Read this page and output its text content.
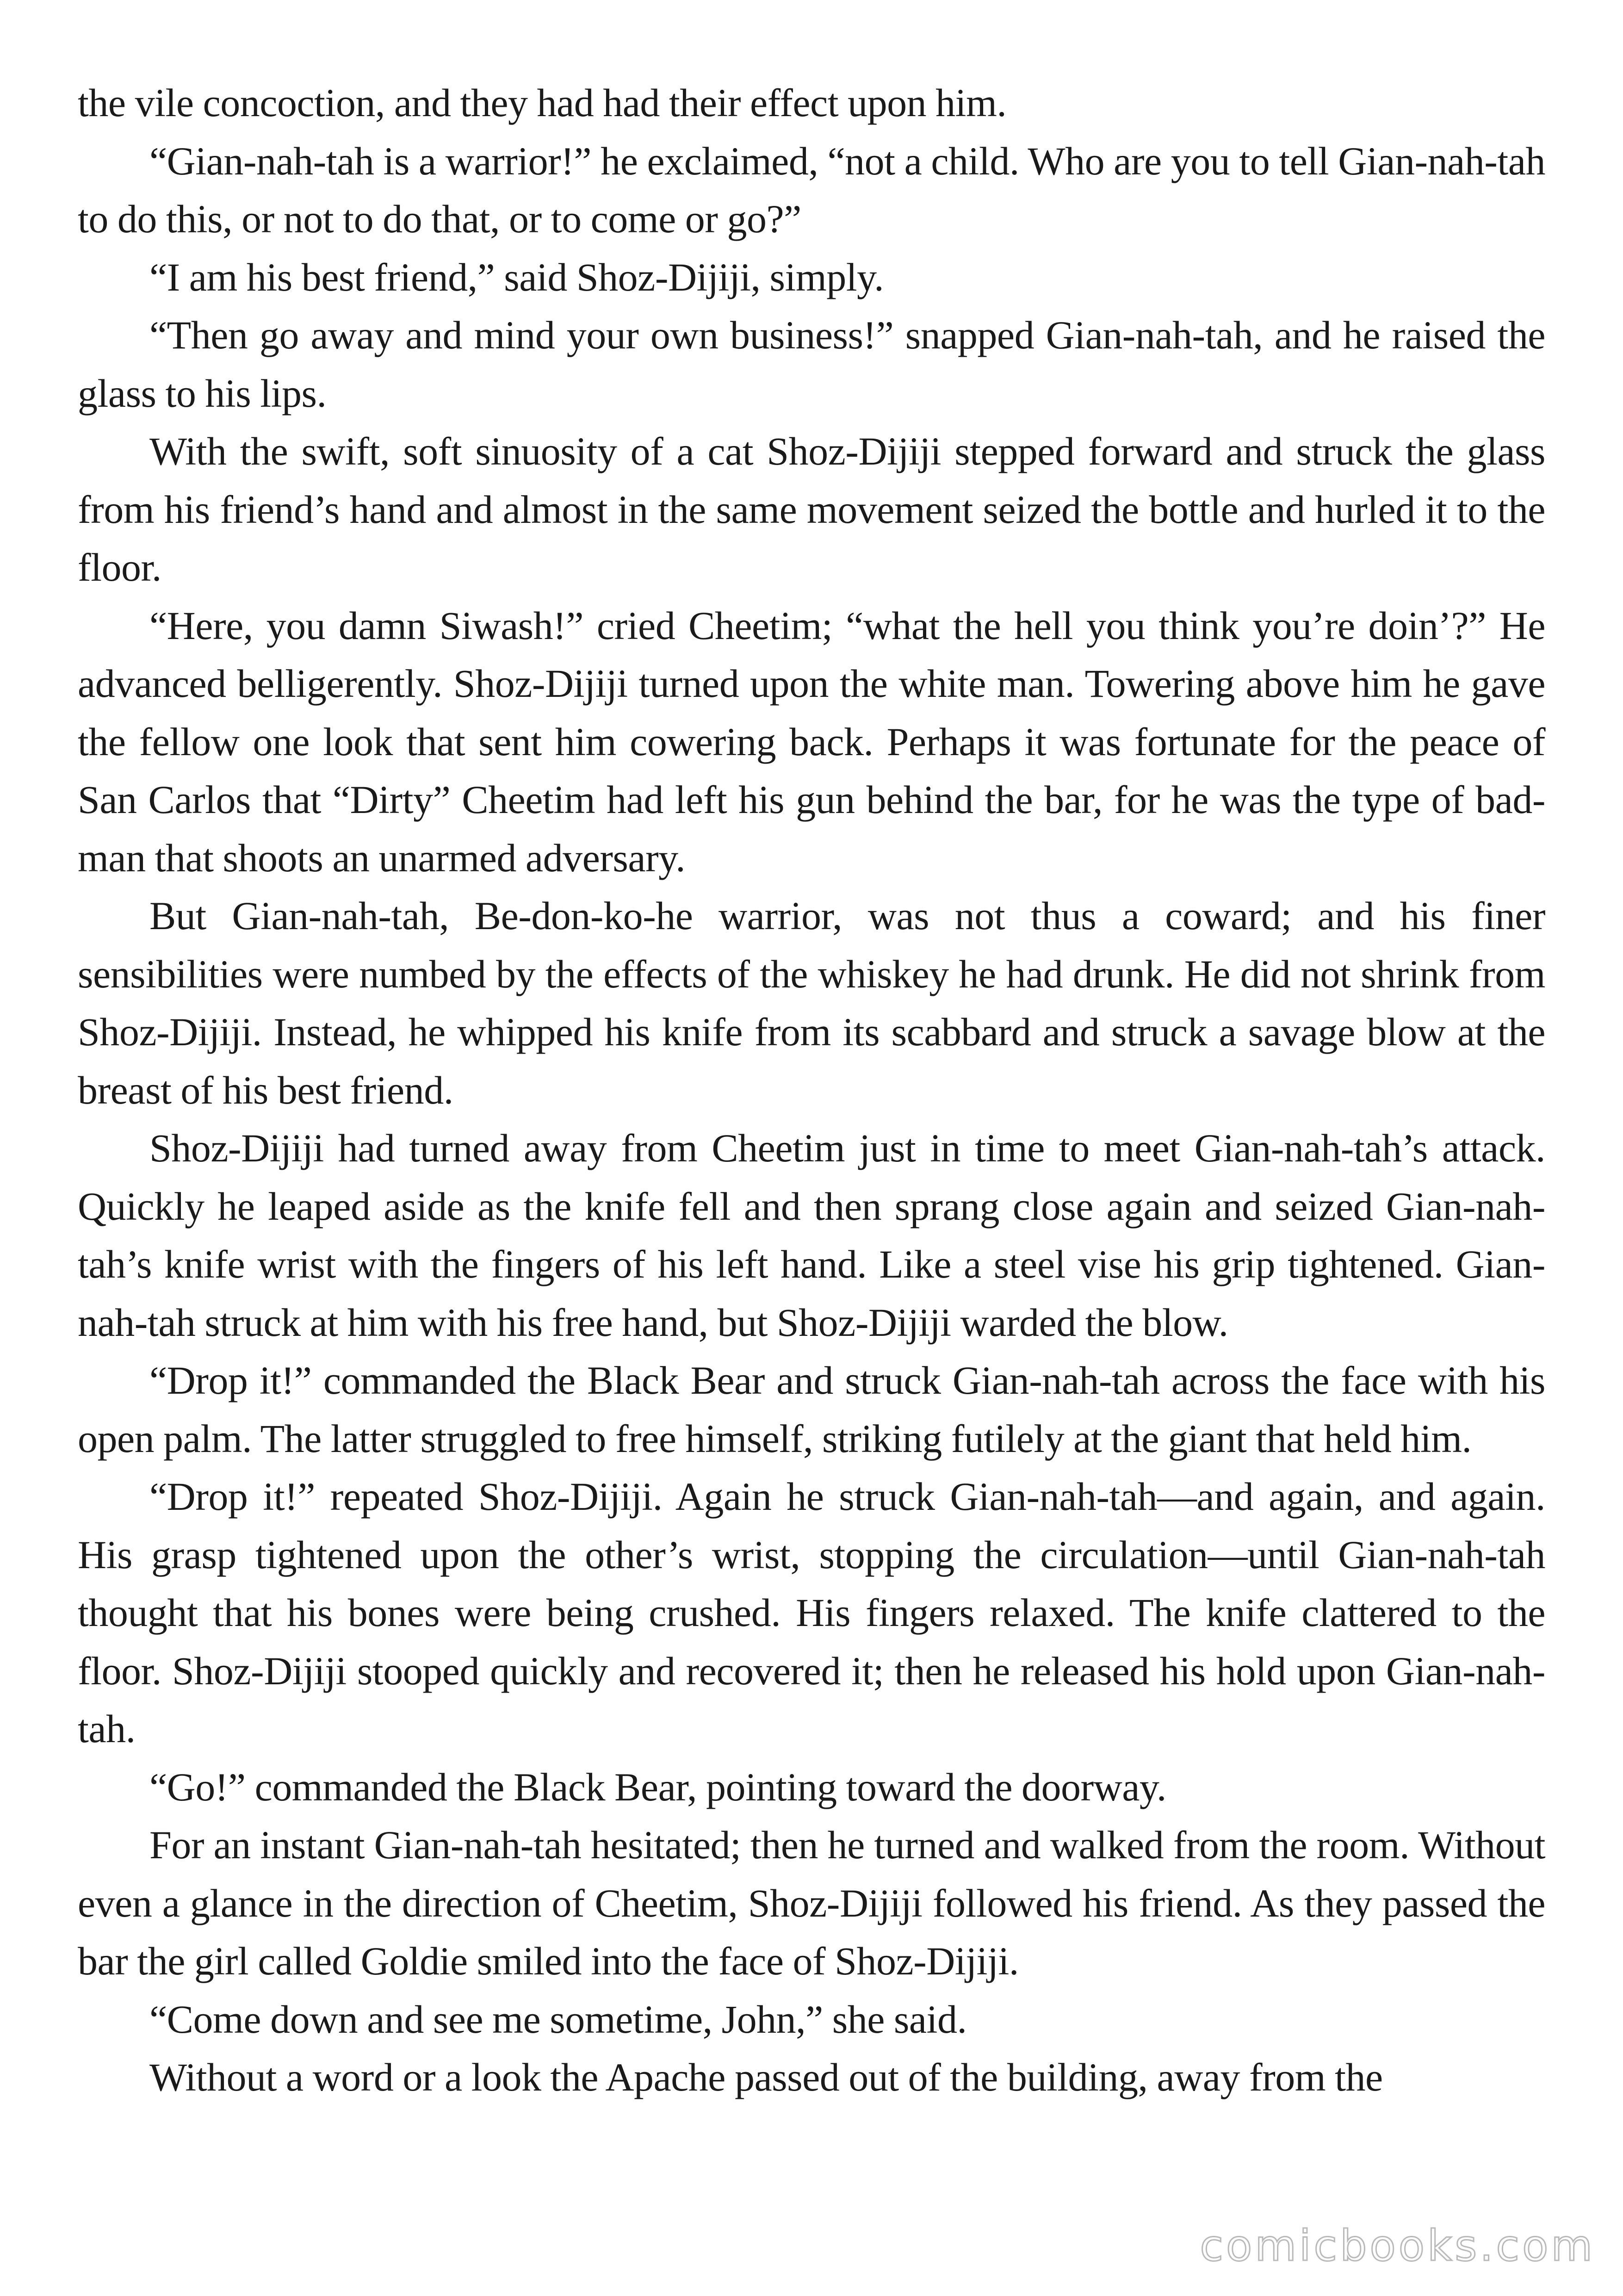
the vile concoction, and they had had their effect upon him.

“Gian-nah-tah is a warrior!” he exclaimed, “not a child. Who are you to tell Gian-nah-tah to do this, or not to do that, or to come or go?”

“I am his best friend,” said Shoz-Dijiji, simply.

“Then go away and mind your own business!” snapped Gian-nah-tah, and he raised the glass to his lips.

With the swift, soft sinuosity of a cat Shoz-Dijiji stepped forward and struck the glass from his friend’s hand and almost in the same movement seized the bottle and hurled it to the floor.

“Here, you damn Siwash!” cried Cheetim; “what the hell you think you’re doin’?” He advanced belligerently. Shoz-Dijiji turned upon the white man. Towering above him he gave the fellow one look that sent him cowering back. Perhaps it was fortunate for the peace of San Carlos that “Dirty” Cheetim had left his gun behind the bar, for he was the type of bad-man that shoots an unarmed adversary.

But Gian-nah-tah, Be-don-ko-he warrior, was not thus a coward; and his finer sensibilities were numbed by the effects of the whiskey he had drunk. He did not shrink from Shoz-Dijiji. Instead, he whipped his knife from its scabbard and struck a savage blow at the breast of his best friend.

Shoz-Dijiji had turned away from Cheetim just in time to meet Gian-nah-tah’s attack. Quickly he leaped aside as the knife fell and then sprang close again and seized Gian-nah-tah’s knife wrist with the fingers of his left hand. Like a steel vise his grip tightened. Gian-nah-tah struck at him with his free hand, but Shoz-Dijiji warded the blow.

“Drop it!” commanded the Black Bear and struck Gian-nah-tah across the face with his open palm. The latter struggled to free himself, striking futilely at the giant that held him.

“Drop it!” repeated Shoz-Dijiji. Again he struck Gian-nah-tah—and again, and again. His grasp tightened upon the other’s wrist, stopping the circulation—until Gian-nah-tah thought that his bones were being crushed. His fingers relaxed. The knife clattered to the floor. Shoz-Dijiji stooped quickly and recovered it; then he released his hold upon Gian-nah-tah.

“Go!” commanded the Black Bear, pointing toward the doorway.

For an instant Gian-nah-tah hesitated; then he turned and walked from the room. Without even a glance in the direction of Cheetim, Shoz-Dijiji followed his friend. As they passed the bar the girl called Goldie smiled into the face of Shoz-Dijiji.

“Come down and see me sometime, John,” she said.

Without a word or a look the Apache passed out of the building, away from the

comicbooks.com
